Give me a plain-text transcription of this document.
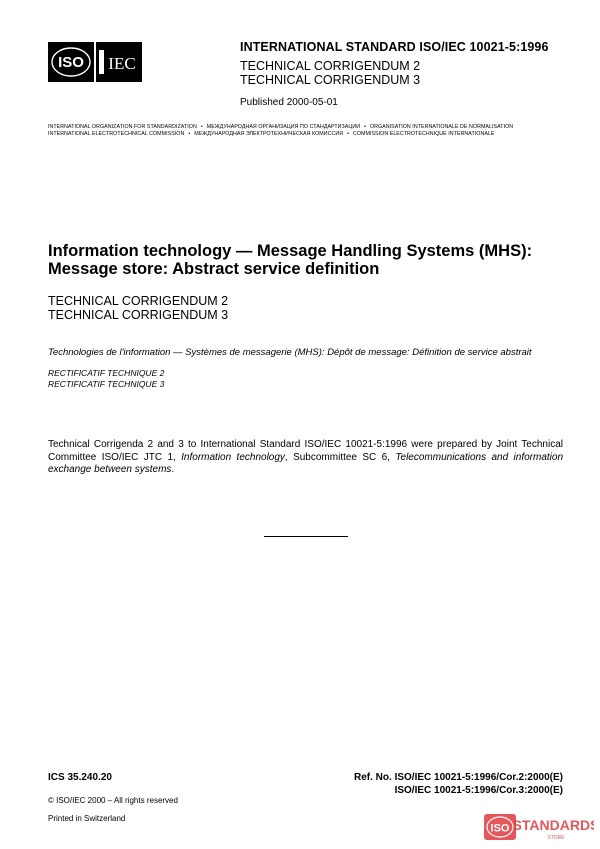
ISO IEC
INTERNATIONAL STANDARD ISO/IEC 10021-5:1996
TECHNICAL CORRIGENDUM 2
TECHNICAL CORRIGENDUM 3
Published 2000-05-01
INTERNATIONAL ORGANIZATION FOR STANDARDIZATION • МЕЖДУНАРОДНАЯ ОРГАНИЗАЦИЯ ПО СТАНДАРТИЗАЦИИ • ORGANISATION INTERNATIONALE DE NORMALISATION
INTERNATIONAL ELECTROTECHNICAL COMMISSION • МЕЖДУНАРОДНАЯ ЭЛЕКТРОТЕХНИЧЕСКАЯ КОМИССИЯ • COMMISSION ELECTROTECHNIQUE INTERNATIONALE
Information technology — Message Handling Systems (MHS):
Message store: Abstract service definition
TECHNICAL CORRIGENDUM 2
TECHNICAL CORRIGENDUM 3
Technologies de l'information — Systèmes de messagerie (MHS): Dépôt de message: Définition de service abstrait
RECTIFICATIF TECHNIQUE 2
RECTIFICATIF TECHNIQUE 3
Technical Corrigenda 2 and 3 to International Standard ISO/IEC 10021-5:1996 were prepared by Joint Technical Committee ISO/IEC JTC 1, Information technology, Subcommittee SC 6, Telecommunications and information exchange between systems.
ICS 35.240.20	Ref. No. ISO/IEC 10021-5:1996/Cor.2:2000(E)
ISO/IEC 10021-5:1996/Cor.3:2000(E)
© ISO/IEC 2000 – All rights reserved
Printed in Switzerland
ISO STANDARDS
STORE
